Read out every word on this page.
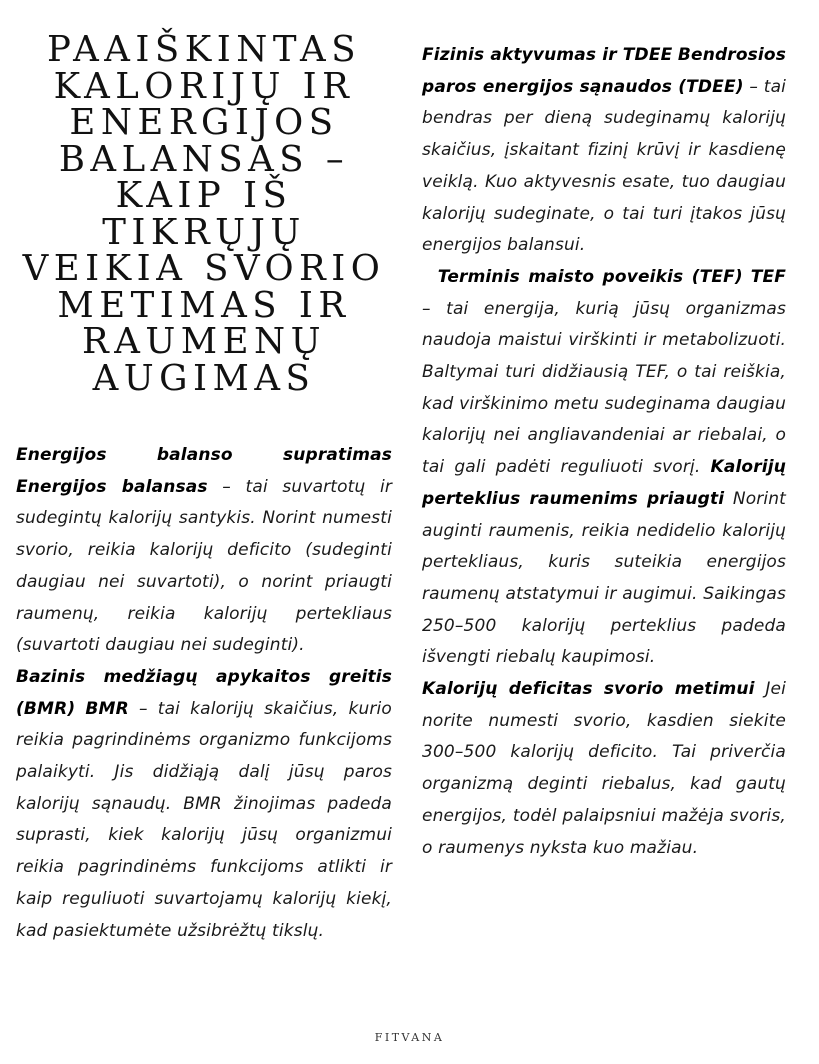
PAAIŠKINTAS KALORIJŲ IR ENERGIJOS BALANSAS – KAIP IŠ TIKRŲJŲ VEIKIA SVORIO METIMAS IR RAUMENŲ AUGIMAS

Energijos balanso supratimas Energijos balansas – tai suvartotų ir sudegintų kalorijų santykis. Norint numesti svorio, reikia kalorijų deficito (sudeginti daugiau nei suvartoti), o norint priaugti raumenų, reikia kalorijų pertekliaus (suvartoti daugiau nei sudeginti).

Bazinis medžiagų apykaitos greitis (BMR) BMR – tai kalorijų skaičius, kurio reikia pagrindinėms organizmo funkcijoms palaikyti. Jis didžiąją dalį jūsų paros kalorijų sąnaudų. BMR žinojimas padeda suprasti, kiek kalorijų jūsų organizmui reikia pagrindinėms funkcijoms atlikti ir kaip reguliuoti suvartojamų kalorijų kiekį, kad pasiektumėte užsibrėžtų tikslų.

Fizinis aktyvumas ir TDEE Bendrosios paros energijos sąnaudos (TDEE) – tai bendras per dieną sudeginamų kalorijų skaičius, įskaitant fizinį krūvį ir kasdienę veiklą. Kuo aktyvesnis esate, tuo daugiau kalorijų sudeginate, o tai turi įtakos jūsų energijos balansui.

Terminis maisto poveikis (TEF) TEF – tai energija, kurią jūsų organizmas naudoja maistui virškinti ir metabolizuoti. Baltymai turi didžiausią TEF, o tai reiškia, kad virškinimo metu sudeginama daugiau kalorijų nei angliavandeniai ar riebalai, o tai gali padėti reguliuoti svorį. Kalorijų perteklius raumenims priaugti Norint auginti raumenis, reikia nedidelio kalorijų pertekliaus, kuris suteikia energijos raumenų atstatymui ir augimui. Saikingas 250–500 kalorijų perteklius padeda išvengti riebalų kaupimosi.

Kalorijų deficitas svorio metimui Jei norite numesti svorio, kasdien siekite 300–500 kalorijų deficito. Tai priverčia organizmą deginti riebalus, kad gautų energijos, todėl palaipsniui mažėja svoris, o raumenys nyksta kuo mažiau.

FITVANA
